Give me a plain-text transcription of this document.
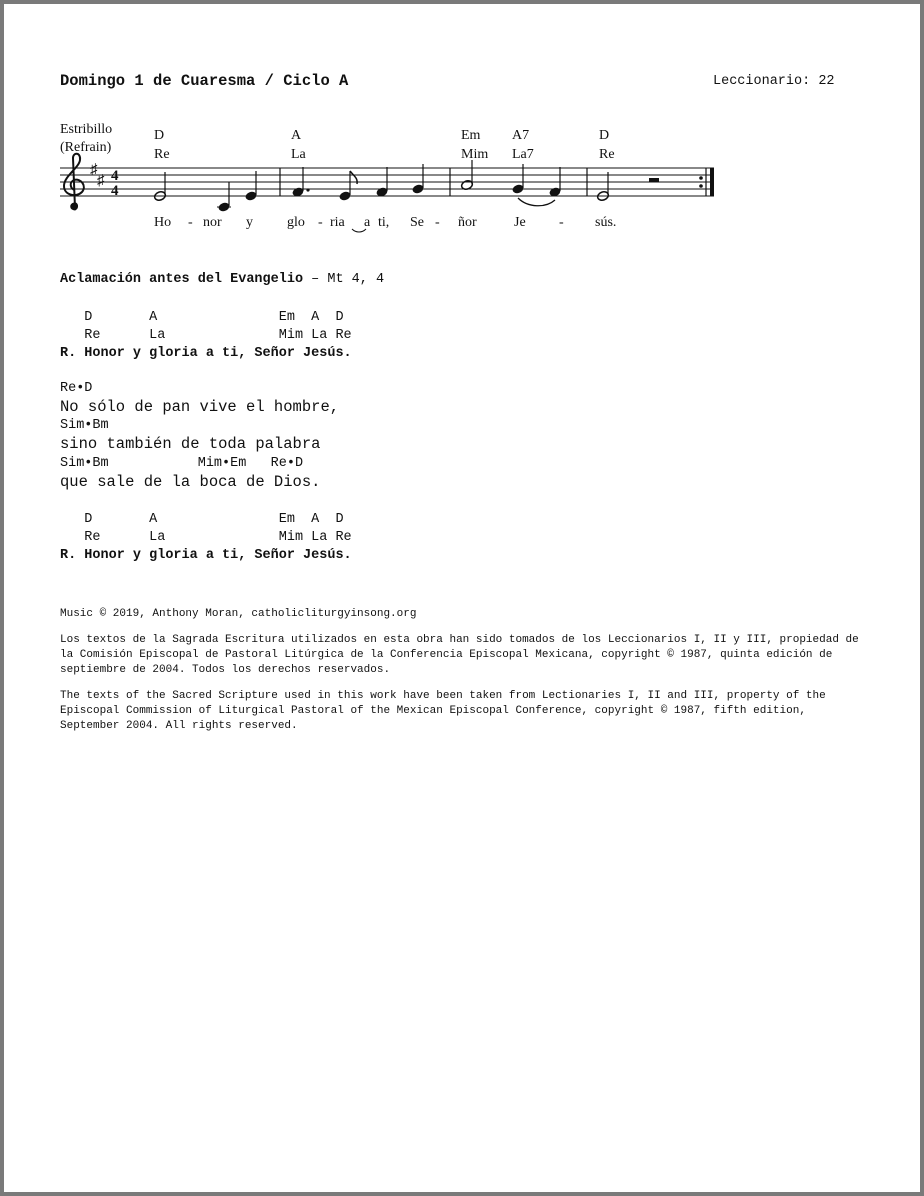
Domingo 1 de Cuaresma / Ciclo A	Leccionario: 22
Estribillo
(Refrain)
D
Re
A
La
Em
Mim
A7
La7
D
Re
♯
♯ 4
4
Ho - nor y glo - ria a ti, Se - ñor	Je - sús.
Aclamación antes del Evangelio – Mt 4, 4
D       A               Em  A  D
Re      La              Mim La Re
R. Honor y gloria a ti, Señor Jesús.
Re•D
No sólo de pan vive el hombre,
Sim•Bm
sino también de toda palabra
Sim•Bm           Mim•Em   Re•D
que sale de la boca de Dios.
D       A               Em  A  D
Re      La              Mim La Re
R. Honor y gloria a ti, Señor Jesús.
Music © 2019, Anthony Moran, catholicliturgyinsong.org
Los textos de la Sagrada Escritura utilizados en esta obra han sido tomados de los Leccionarios I, II y III, propiedad de la Comisión Episcopal de Pastoral Litúrgica de la Conferencia Episcopal Mexicana, copyright © 1987, quinta edición de septiembre de 2004. Todos los derechos reservados.
The texts of the Sacred Scripture used in this work have been taken from Lectionaries I, II and III, property of the Episcopal Commission of Liturgical Pastoral of the Mexican Episcopal Conference, copyright © 1987, fifth edition, September 2004. All rights reserved.
